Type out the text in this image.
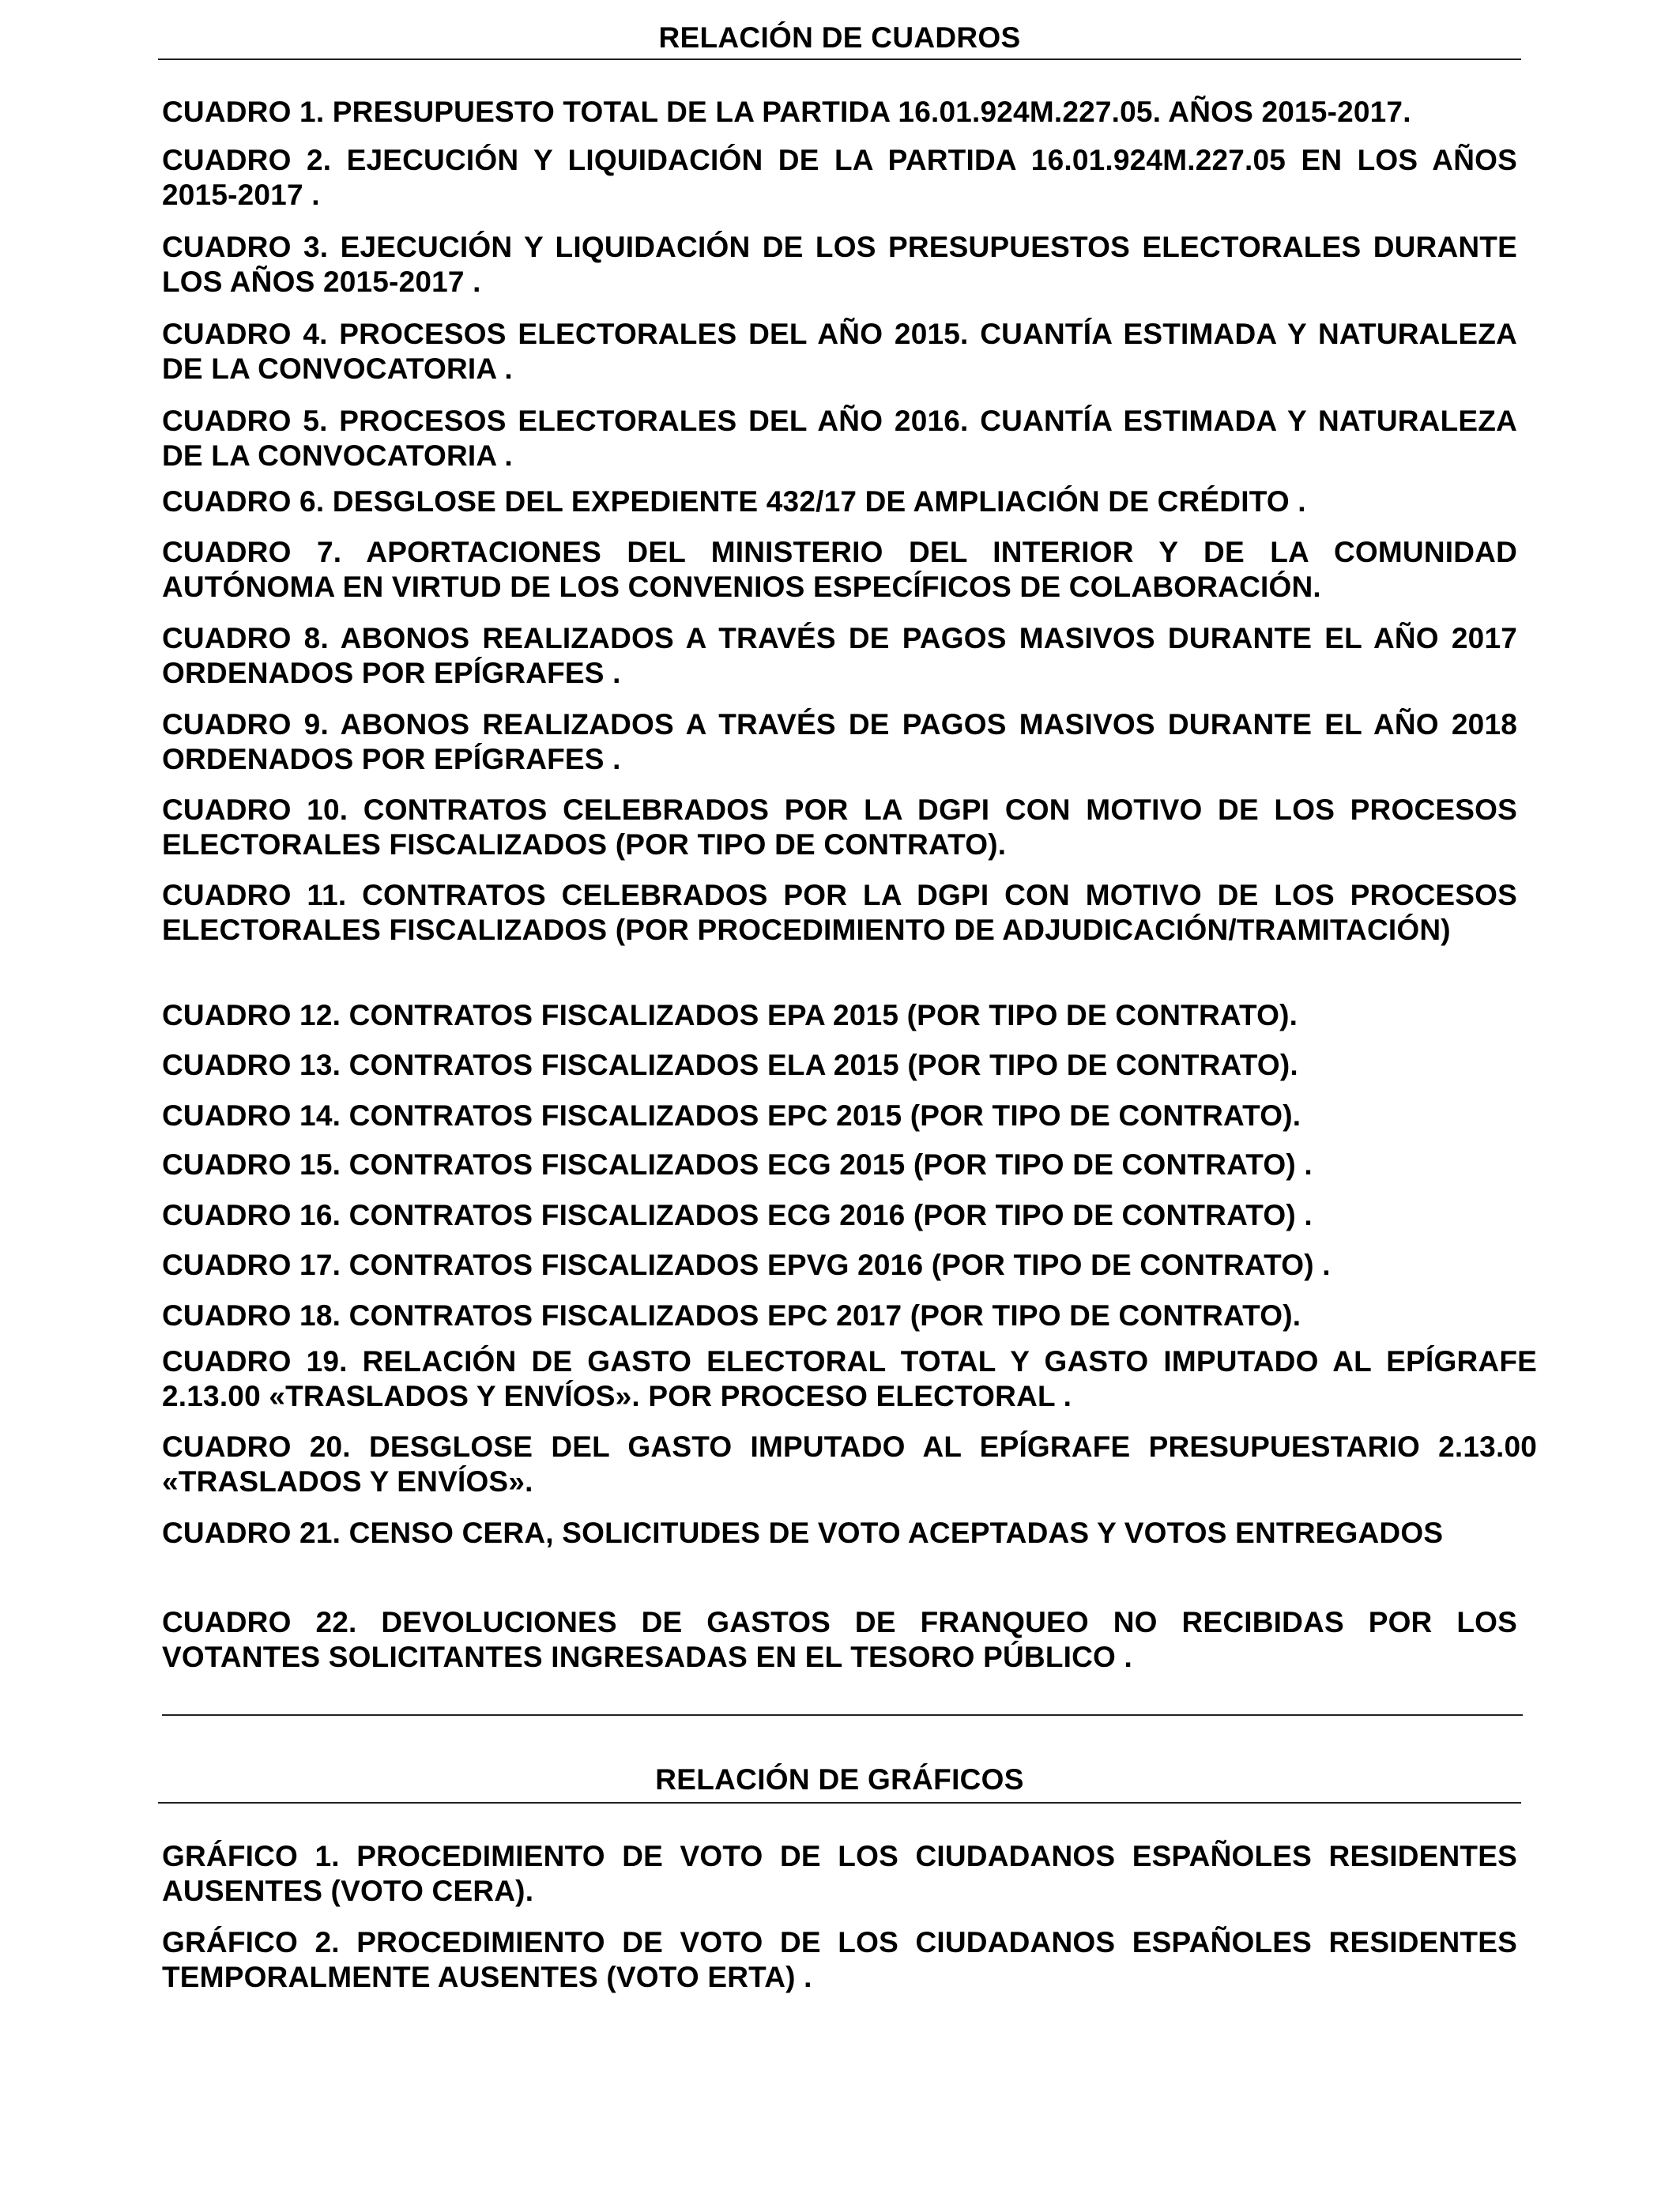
RELACIÓN DE CUADROS

CUADRO 1. PRESUPUESTO TOTAL DE LA PARTIDA 16.01.924M.227.05. AÑOS 2015-2017.

CUADRO 2. EJECUCIÓN Y LIQUIDACIÓN DE LA PARTIDA 16.01.924M.227.05 EN LOS AÑOS 2015-2017 .

CUADRO 3. EJECUCIÓN Y LIQUIDACIÓN DE LOS PRESUPUESTOS ELECTORALES DURANTE LOS AÑOS 2015-2017 .

CUADRO 4. PROCESOS ELECTORALES DEL AÑO 2015. CUANTÍA ESTIMADA Y NATURALEZA DE LA CONVOCATORIA .

CUADRO 5. PROCESOS ELECTORALES DEL AÑO 2016. CUANTÍA ESTIMADA Y NATURALEZA DE LA CONVOCATORIA .

CUADRO 6. DESGLOSE DEL EXPEDIENTE 432/17 DE AMPLIACIÓN DE CRÉDITO .

CUADRO 7. APORTACIONES DEL MINISTERIO DEL INTERIOR Y DE LA COMUNIDAD AUTÓNOMA EN VIRTUD DE LOS CONVENIOS ESPECÍFICOS DE COLABORACIÓN.

CUADRO 8. ABONOS REALIZADOS A TRAVÉS DE PAGOS MASIVOS DURANTE EL AÑO 2017 ORDENADOS POR EPÍGRAFES .

CUADRO 9. ABONOS REALIZADOS A TRAVÉS DE PAGOS MASIVOS DURANTE EL AÑO 2018 ORDENADOS POR EPÍGRAFES .

CUADRO 10. CONTRATOS CELEBRADOS POR LA DGPI CON MOTIVO DE LOS PROCESOS ELECTORALES FISCALIZADOS (POR TIPO DE CONTRATO).

CUADRO 11. CONTRATOS CELEBRADOS POR LA DGPI CON MOTIVO DE LOS PROCESOS ELECTORALES FISCALIZADOS (POR PROCEDIMIENTO DE ADJUDICACIÓN/TRAMITACIÓN)

CUADRO 12. CONTRATOS FISCALIZADOS EPA 2015 (POR TIPO DE CONTRATO).

CUADRO 13. CONTRATOS FISCALIZADOS ELA 2015 (POR TIPO DE CONTRATO).

CUADRO 14. CONTRATOS FISCALIZADOS EPC 2015 (POR TIPO DE CONTRATO).

CUADRO 15. CONTRATOS FISCALIZADOS ECG 2015 (POR TIPO DE CONTRATO) .

CUADRO 16. CONTRATOS FISCALIZADOS ECG 2016 (POR TIPO DE CONTRATO) .

CUADRO 17. CONTRATOS FISCALIZADOS EPVG 2016 (POR TIPO DE CONTRATO) .

CUADRO 18. CONTRATOS FISCALIZADOS EPC 2017 (POR TIPO DE CONTRATO).

CUADRO 19. RELACIÓN DE GASTO ELECTORAL TOTAL Y GASTO IMPUTADO AL EPÍGRAFE 2.13.00 «TRASLADOS Y ENVÍOS». POR PROCESO ELECTORAL .

CUADRO 20. DESGLOSE DEL GASTO IMPUTADO AL EPÍGRAFE PRESUPUESTARIO 2.13.00 «TRASLADOS Y ENVÍOS».

CUADRO 21. CENSO CERA, SOLICITUDES DE VOTO ACEPTADAS Y VOTOS ENTREGADOS

CUADRO 22. DEVOLUCIONES DE GASTOS DE FRANQUEO NO RECIBIDAS POR LOS VOTANTES SOLICITANTES INGRESADAS EN EL TESORO PÚBLICO .

RELACIÓN DE GRÁFICOS

GRÁFICO 1. PROCEDIMIENTO DE VOTO DE LOS CIUDADANOS ESPAÑOLES RESIDENTES AUSENTES (VOTO CERA).

GRÁFICO 2. PROCEDIMIENTO DE VOTO DE LOS CIUDADANOS ESPAÑOLES RESIDENTES TEMPORALMENTE AUSENTES (VOTO ERTA) .
